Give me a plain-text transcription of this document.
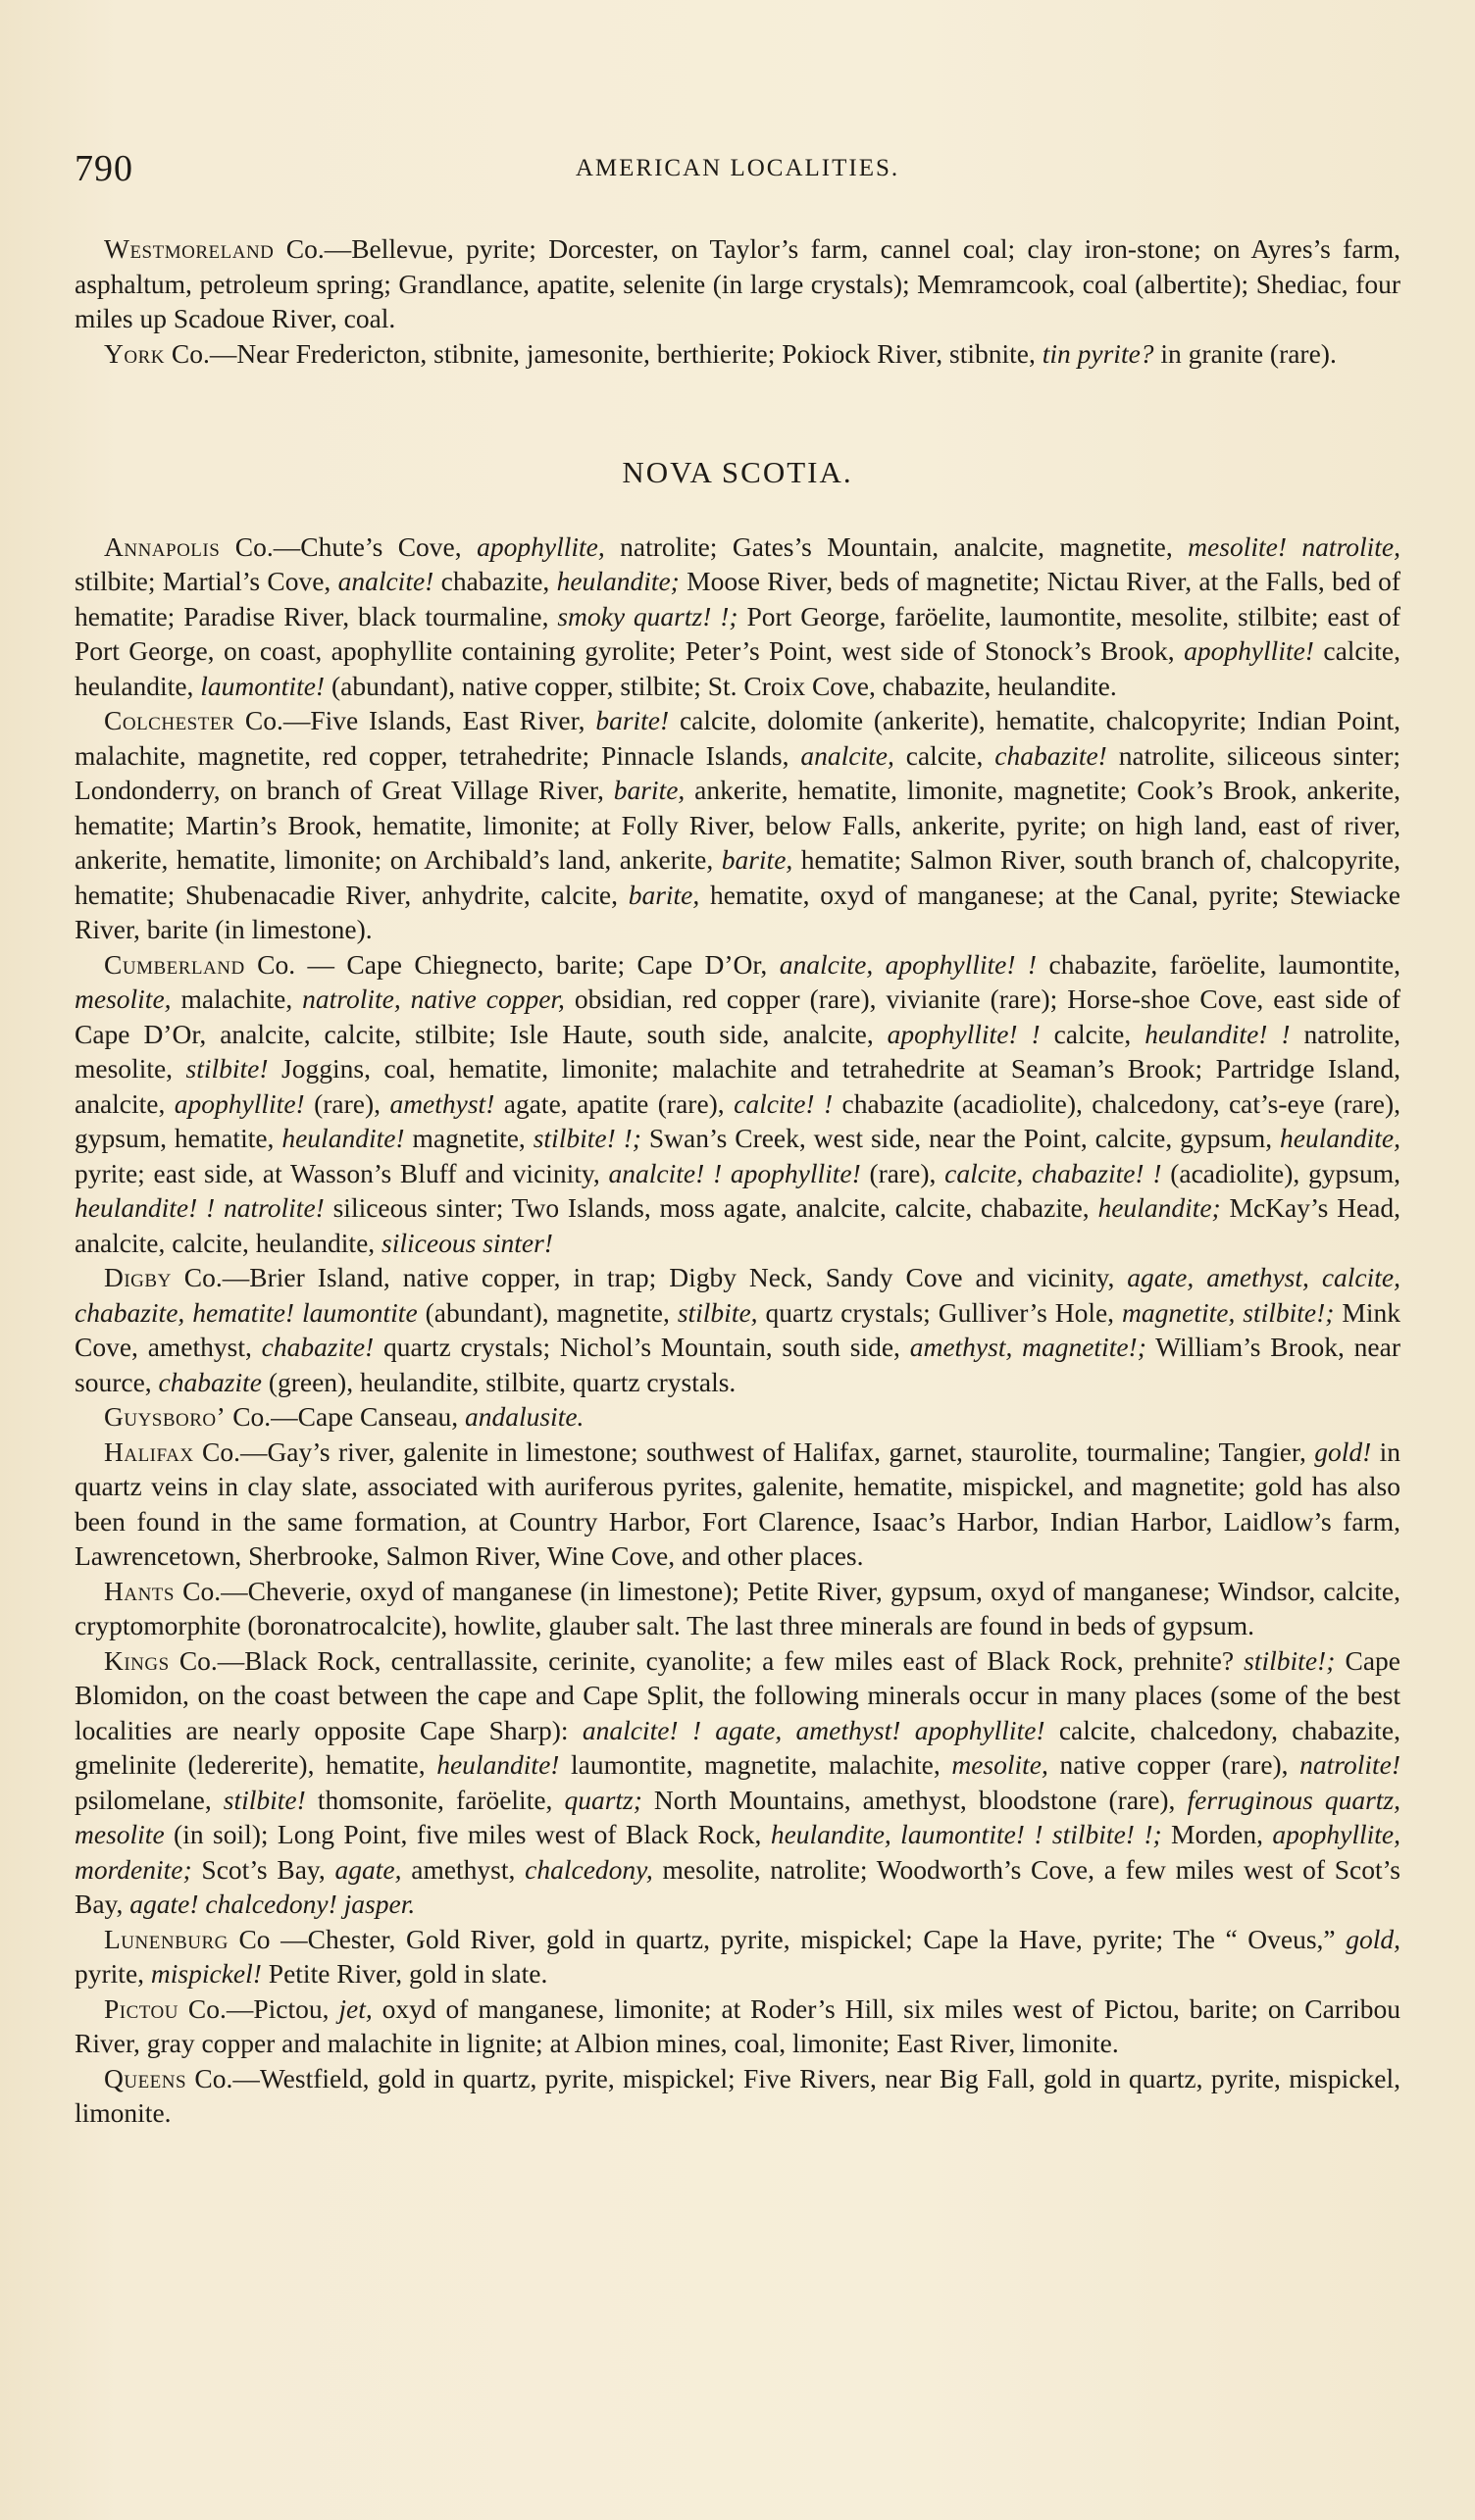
790	AMERICAN LOCALITIES.

Westmoreland Co.—Bellevue, pyrite; Dorcester, on Taylor’s farm, cannel coal; clay iron-stone; on Ayres’s farm, asphaltum, petroleum spring; Grandlance, apatite, selenite (in large crystals); Memramcook, coal (albertite); Shediac, four miles up Scadoue River, coal.

York Co.—Near Fredericton, stibnite, jamesonite, berthierite; Pokiock River, stibnite, tin pyrite? in granite (rare).

NOVA SCOTIA.

Annapolis Co.—Chute’s Cove, apophyllite, natrolite; Gates’s Mountain, analcite, magnetite, mesolite! natrolite, stilbite; Martial’s Cove, analcite! chabazite, heulandite; Moose River, beds of magnetite; Nictau River, at the Falls, bed of hematite; Paradise River, black tourmaline, smoky quartz! !; Port George, faröelite, laumontite, mesolite, stilbite; east of Port George, on coast, apophyllite containing gyrolite; Peter’s Point, west side of Stonock’s Brook, apophyllite! calcite, heulandite, laumontite! (abundant), native copper, stilbite; St. Croix Cove, chabazite, heulandite.

Colchester Co.—Five Islands, East River, barite! calcite, dolomite (ankerite), hematite, chalcopyrite; Indian Point, malachite, magnetite, red copper, tetrahedrite; Pinnacle Islands, analcite, calcite, chabazite! natrolite, siliceous sinter; Londonderry, on branch of Great Village River, barite, ankerite, hematite, limonite, magnetite; Cook’s Brook, ankerite, hematite; Martin’s Brook, hematite, limonite; at Folly River, below Falls, ankerite, pyrite; on high land, east of river, ankerite, hematite, limonite; on Archibald’s land, ankerite, barite, hematite; Salmon River, south branch of, chalcopyrite, hematite; Shubenacadie River, anhydrite, calcite, barite, hematite, oxyd of manganese; at the Canal, pyrite; Stewiacke River, barite (in limestone).

Cumberland Co. — Cape Chiegnecto, barite; Cape D’Or, analcite, apophyllite! ! chabazite, faröelite, laumontite, mesolite, malachite, natrolite, native copper, obsidian, red copper (rare), vivianite (rare); Horse-shoe Cove, east side of Cape D’Or, analcite, calcite, stilbite; Isle Haute, south side, analcite, apophyllite! ! calcite, heulandite! ! natrolite, mesolite, stilbite! Joggins, coal, hematite, limonite; malachite and tetrahedrite at Seaman’s Brook; Partridge Island, analcite, apophyllite! (rare), amethyst! agate, apatite (rare), calcite! ! chabazite (acadiolite), chalcedony, cat’s-eye (rare), gypsum, hematite, heulandite! magnetite, stilbite! !; Swan’s Creek, west side, near the Point, calcite, gypsum, heulandite, pyrite; east side, at Wasson’s Bluff and vicinity, analcite! ! apophyllite! (rare), calcite, chabazite! ! (acadiolite), gypsum, heulandite! ! natrolite! siliceous sinter; Two Islands, moss agate, analcite, calcite, chabazite, heulandite; McKay’s Head, analcite, calcite, heulandite, siliceous sinter!

Digby Co.—Brier Island, native copper, in trap; Digby Neck, Sandy Cove and vicinity, agate, amethyst, calcite, chabazite, hematite! laumontite (abundant), magnetite, stilbite, quartz crystals; Gulliver’s Hole, magnetite, stilbite!; Mink Cove, amethyst, chabazite! quartz crystals; Nichol’s Mountain, south side, amethyst, magnetite!; William’s Brook, near source, chabazite (green), heulandite, stilbite, quartz crystals.

Guysboro’ Co.—Cape Canseau, andalusite.

Halifax Co.—Gay’s river, galenite in limestone; southwest of Halifax, garnet, staurolite, tourmaline; Tangier, gold! in quartz veins in clay slate, associated with auriferous pyrites, galenite, hematite, mispickel, and magnetite; gold has also been found in the same formation, at Country Harbor, Fort Clarence, Isaac’s Harbor, Indian Harbor, Laidlow’s farm, Lawrencetown, Sherbrooke, Salmon River, Wine Cove, and other places.

Hants Co.—Cheverie, oxyd of manganese (in limestone); Petite River, gypsum, oxyd of manganese; Windsor, calcite, cryptomorphite (boronatrocalcite), howlite, glauber salt. The last three minerals are found in beds of gypsum.

Kings Co.—Black Rock, centrallassite, cerinite, cyanolite; a few miles east of Black Rock, prehnite? stilbite!; Cape Blomidon, on the coast between the cape and Cape Split, the following minerals occur in many places (some of the best localities are nearly opposite Cape Sharp): analcite! ! agate, amethyst! apophyllite! calcite, chalcedony, chabazite, gmelinite (ledererite), hematite, heulandite! laumontite, magnetite, malachite, mesolite, native copper (rare), natrolite! psilomelane, stilbite! thomsonite, faröelite, quartz; North Mountains, amethyst, bloodstone (rare), ferruginous quartz, mesolite (in soil); Long Point, five miles west of Black Rock, heulandite, laumontite! ! stilbite! !; Morden, apophyllite, mordenite; Scot’s Bay, agate, amethyst, chalcedony, mesolite, natrolite; Woodworth’s Cove, a few miles west of Scot’s Bay, agate! chalcedony! jasper.

Lunenburg Co —Chester, Gold River, gold in quartz, pyrite, mispickel; Cape la Have, pyrite; The “ Oveus,” gold, pyrite, mispickel! Petite River, gold in slate.

Pictou Co.—Pictou, jet, oxyd of manganese, limonite; at Roder’s Hill, six miles west of Pictou, barite; on Carribou River, gray copper and malachite in lignite; at Albion mines, coal, limonite; East River, limonite.

Queens Co.—Westfield, gold in quartz, pyrite, mispickel; Five Rivers, near Big Fall, gold in quartz, pyrite, mispickel, limonite.
